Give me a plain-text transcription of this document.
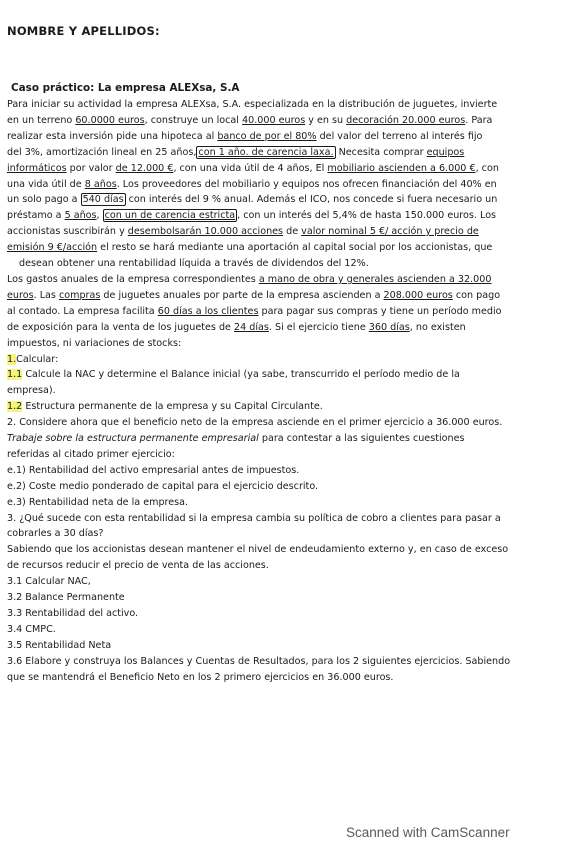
NOMBRE Y APELLIDOS:
Caso práctico: La empresa ALEXsa, S.A

Para iniciar su actividad la empresa ALEXsa, S.A. especializada en la distribución de juguetes, invierte

en un terreno 60.0000 euros, construye un local 40.000 euros y en su decoración 20.000 euros. Para

realizar esta inversión pide una hipoteca al banco de por el 80% del valor del terreno al interés fijo

del 3%, amortización lineal en 25 años, con 1 año. de carencia laxa. Necesita comprar equipos

informáticos por valor de 12.000 €, con una vida útil de 4 años, El mobiliario ascienden a 6.000 €, con

una vida útil de 8 años. Los proveedores del mobiliario y equipos nos ofrecen financiación del 40% en

un solo pago a 540 días con interés del 9 % anual. Además el ICO, nos concede si fuera necesario un

préstamo a 5 años, con un de carencia estricta , con un interés del 5,4% de hasta 150.000 euros. Los

accionistas suscribirán y desembolsarán 10.000 acciones de valor nominal 5 €/ acción y precio de

emisión 9 €/acción el resto se hará mediante una aportación al capital social por los accionistas, que

desean obtener una rentabilidad líquida a través de dividendos del 12%.

Los gastos anuales de la empresa correspondientes a mano de obra y generales ascienden a 32.000

euros. Las compras de juguetes anuales por parte de la empresa ascienden a 208.000 euros con pago

al contado. La empresa facilita 60 días a los clientes para pagar sus compras y tiene un período medio

de exposición para la venta de los juguetes de 24 días. Si el ejercicio tiene 360 días, no existen

impuestos, ni variaciones de stocks:

1.Calcular:

1.1 Calcule la NAC y determine el Balance inicial (ya sabe, transcurrido el período medio de la

empresa).

1.2 Estructura permanente de la empresa y su Capital Circulante.

2. Considere ahora que el beneficio neto de la empresa asciende en el primer ejercicio a 36.000 euros.

Trabaje sobre la estructura permanente empresarial para contestar a las siguientes cuestiones

referidas al citado primer ejercicio:

e.1) Rentabilidad del activo empresarial antes de impuestos.

e.2) Coste medio ponderado de capital para el ejercicio descrito.

e.3) Rentabilidad neta de la empresa.

3. ¿Qué sucede con esta rentabilidad si la empresa cambia su política de cobro a clientes para pasar a

cobrarles a 30 días?

Sabiendo que los accionistas desean mantener el nivel de endeudamiento externo y, en caso de exceso

de recursos reducir el precio de venta de las acciones.

3.1 Calcular NAC,

3.2 Balance Permanente

3.3 Rentabilidad del activo.

3.4 CMPC.

3.5 Rentabilidad Neta

3.6 Elabore y construya los Balances y Cuentas de Resultados, para los 2 siguientes ejercicios. Sabiendo

que se mantendrá el Beneficio Neto en los 2 primero ejercicios en 36.000 euros.

Scanned with CamScanner
